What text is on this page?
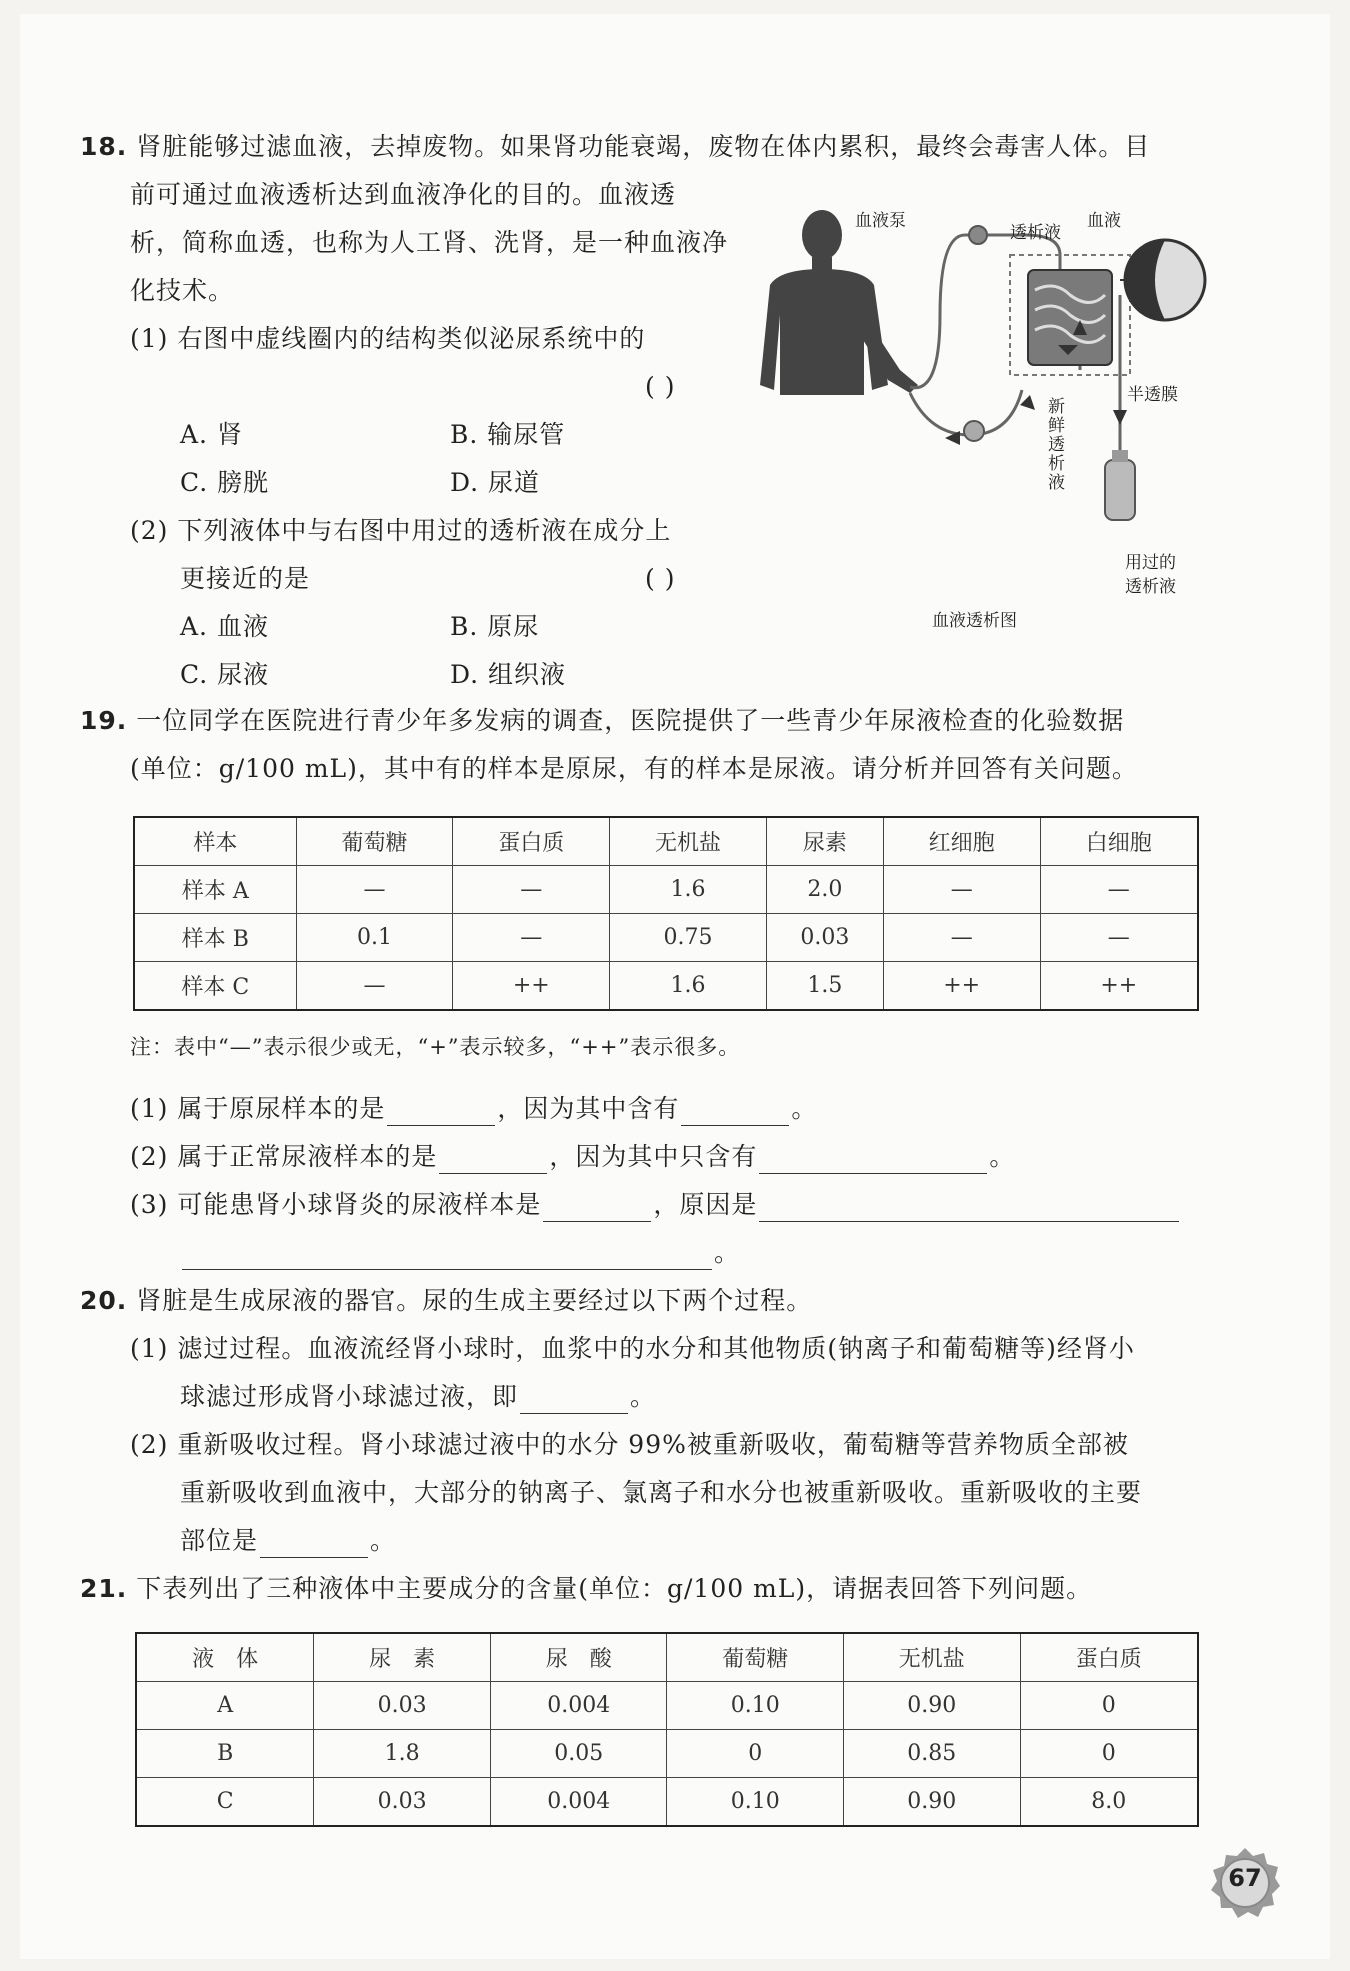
18. 肾脏能够过滤血液，去掉废物。如果肾功能衰竭，废物在体内累积，最终会毒害人体。目
前可通过血液透析达到血液净化的目的。血液透
析，简称血透，也称为人工肾、洗肾，是一种血液净
化技术。
(1) 右图中虚线圈内的结构类似泌尿系统中的
( )
A. 肾	B. 输尿管
C. 膀胱	D. 尿道
(2) 下列液体中与右图中用过的透析液在成分上
更接近的是	( )
A. 血液	B. 原尿
C. 尿液	D. 组织液
血液泵
透析液
血液
半透膜
新鲜透析液
用过的
透析液
血液透析图
19. 一位同学在医院进行青少年多发病的调查，医院提供了一些青少年尿液检查的化验数据
(单位：g/100 mL)，其中有的样本是原尿，有的样本是尿液。请分析并回答有关问题。
样本	葡萄糖	蛋白质	无机盐	尿素	红细胞	白细胞
样本 A	—	—	1.6	2.0	—	—
样本 B	0.1	—	0.75	0.03	—	—
样本 C	—	++	1.6	1.5	++	++
注：表中“—”表示很少或无，“+”表示较多，“++”表示很多。
(1) 属于原尿样本的是	，因为其中含有	。
(2) 属于正常尿液样本的是	，因为其中只含有	。
(3) 可能患肾小球肾炎的尿液样本是	，原因是
。
20. 肾脏是生成尿液的器官。尿的生成主要经过以下两个过程。
(1) 滤过过程。血液流经肾小球时，血浆中的水分和其他物质(钠离子和葡萄糖等)经肾小
球滤过形成肾小球滤过液，即	。
(2) 重新吸收过程。肾小球滤过液中的水分 99%被重新吸收，葡萄糖等营养物质全部被
重新吸收到血液中，大部分的钠离子、氯离子和水分也被重新吸收。重新吸收的主要
部位是	。
21. 下表列出了三种液体中主要成分的含量(单位：g/100 mL)，请据表回答下列问题。
液　体	尿　素	尿　酸	葡萄糖	无机盐	蛋白质
A	0.03	0.004	0.10	0.90	0
B	1.8	0.05	0	0.85	0
C	0.03	0.004	0.10	0.90	8.0
67
